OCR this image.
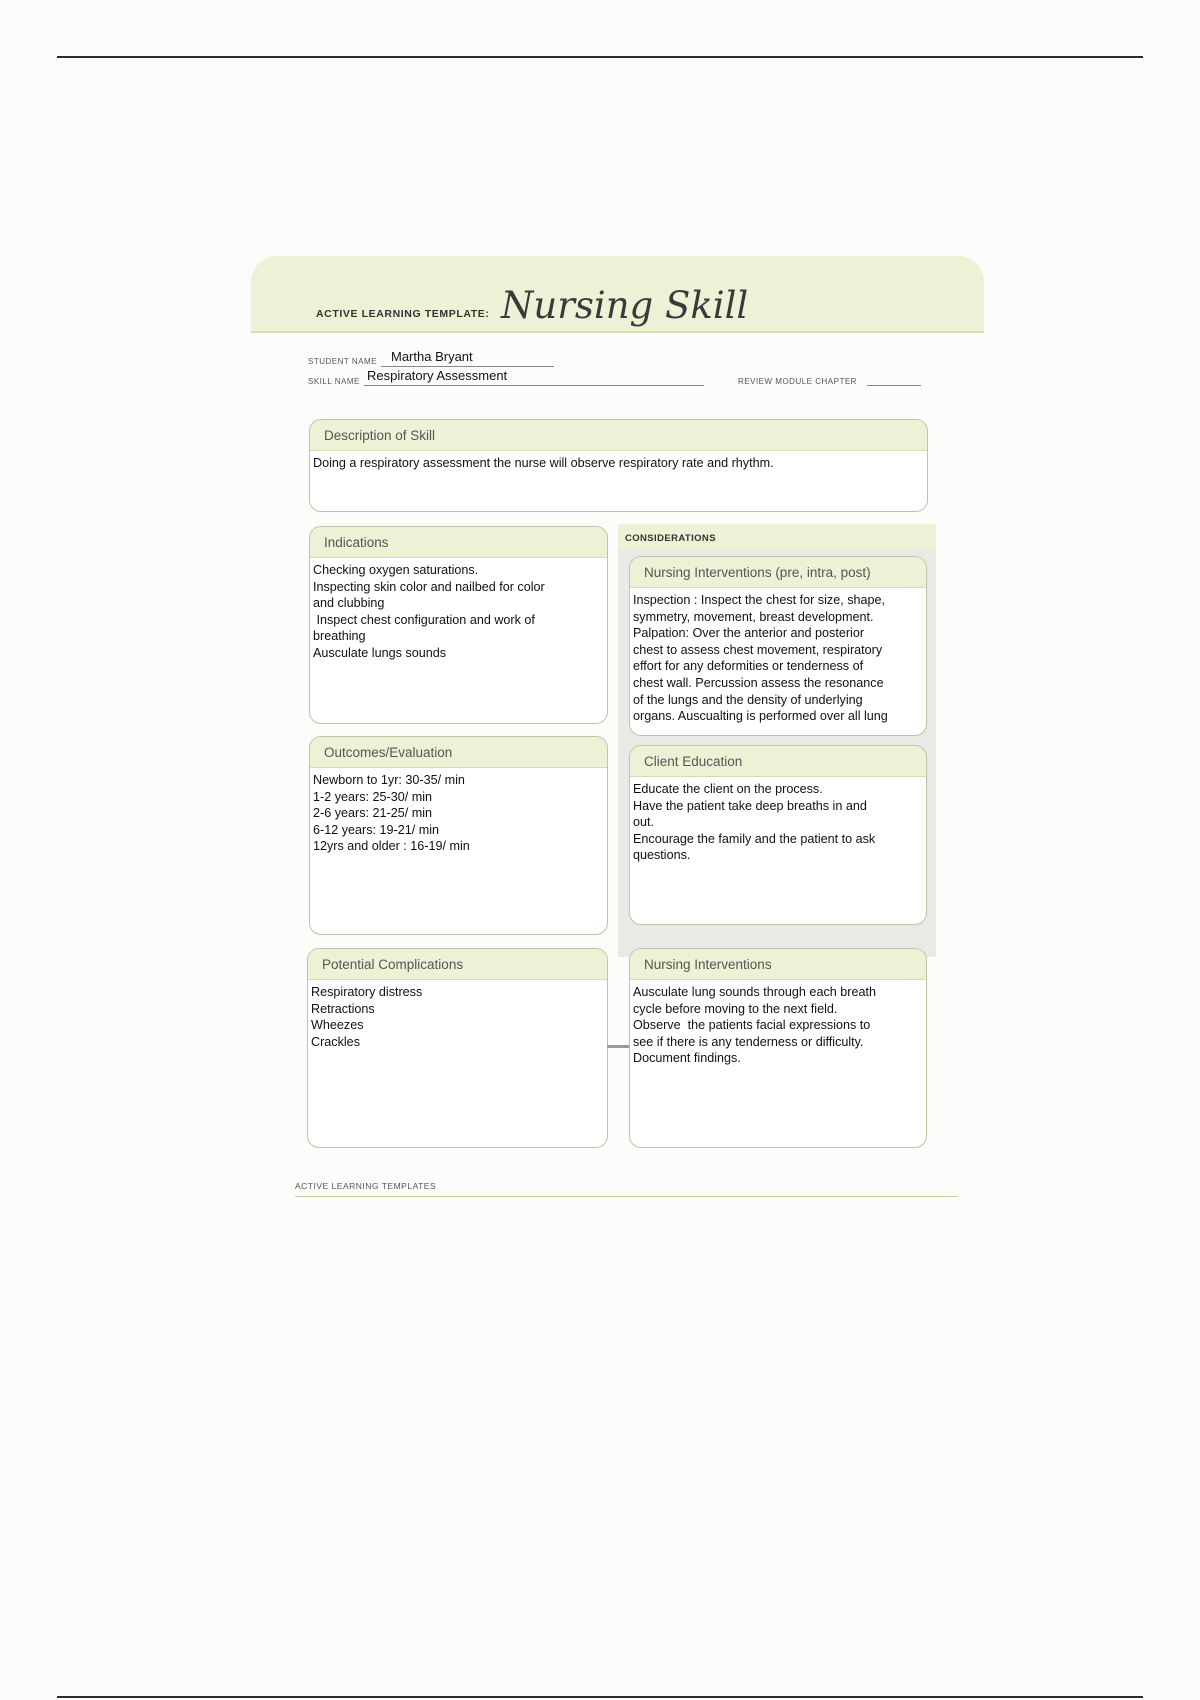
ACTIVE LEARNING TEMPLATE: Nursing Skill
STUDENT NAME Martha Bryant
SKILL NAME Respiratory Assessment	REVIEW MODULE CHAPTER
Description of Skill
Doing a respiratory assessment the nurse will observe respiratory rate and rhythm.
Indications
Checking oxygen saturations.
Inspecting skin color and nailbed for color
and clubbing
Inspect chest configuration and work of
breathing
Ausculate lungs sounds
CONSIDERATIONS
Nursing Interventions (pre, intra, post)
Inspection : Inspect the chest for size, shape,
symmetry, movement, breast development.
Palpation: Over the anterior and posterior
chest to assess chest movement, respiratory
effort for any deformities or tenderness of
chest wall. Percussion assess the resonance
of the lungs and the density of underlying
organs. Auscualting is performed over all lung
Client Education
Educate the client on the process.
Have the patient take deep breaths in and
out.
Encourage the family and the patient to ask
questions.
Outcomes/Evaluation
Newborn to 1yr: 30-35/ min
1-2 years: 25-30/ min
2-6 years: 21-25/ min
6-12 years: 19-21/ min
12yrs and older : 16-19/ min
Potential Complications
Respiratory distress
Retractions
Wheezes
Crackles
Nursing Interventions
Ausculate lung sounds through each breath
cycle before moving to the next field.
Observe  the patients facial expressions to
see if there is any tenderness or difficulty.
Document findings.
ACTIVE LEARNING TEMPLATES
